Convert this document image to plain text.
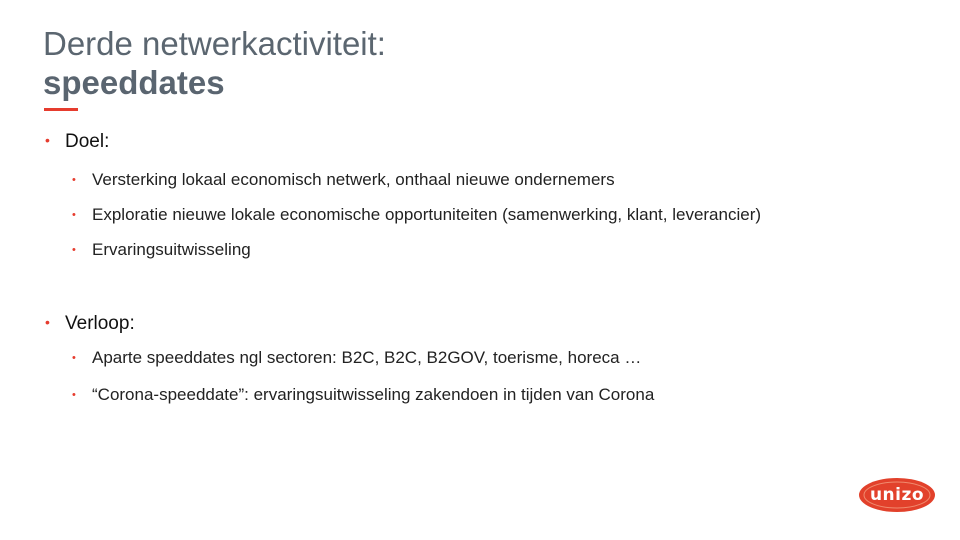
Derde netwerkactiviteit:
speeddates
• Doel:
• Versterking lokaal economisch netwerk, onthaal nieuwe ondernemers
• Exploratie nieuwe lokale economische opportuniteiten (samenwerking, klant, leverancier)
• Ervaringsuitwisseling
• Verloop:
• Aparte speeddates ngl sectoren: B2C, B2C, B2GOV, toerisme, horeca …
• “Corona-speeddate”: ervaringsuitwisseling zakendoen in tijden van Corona
unizo
